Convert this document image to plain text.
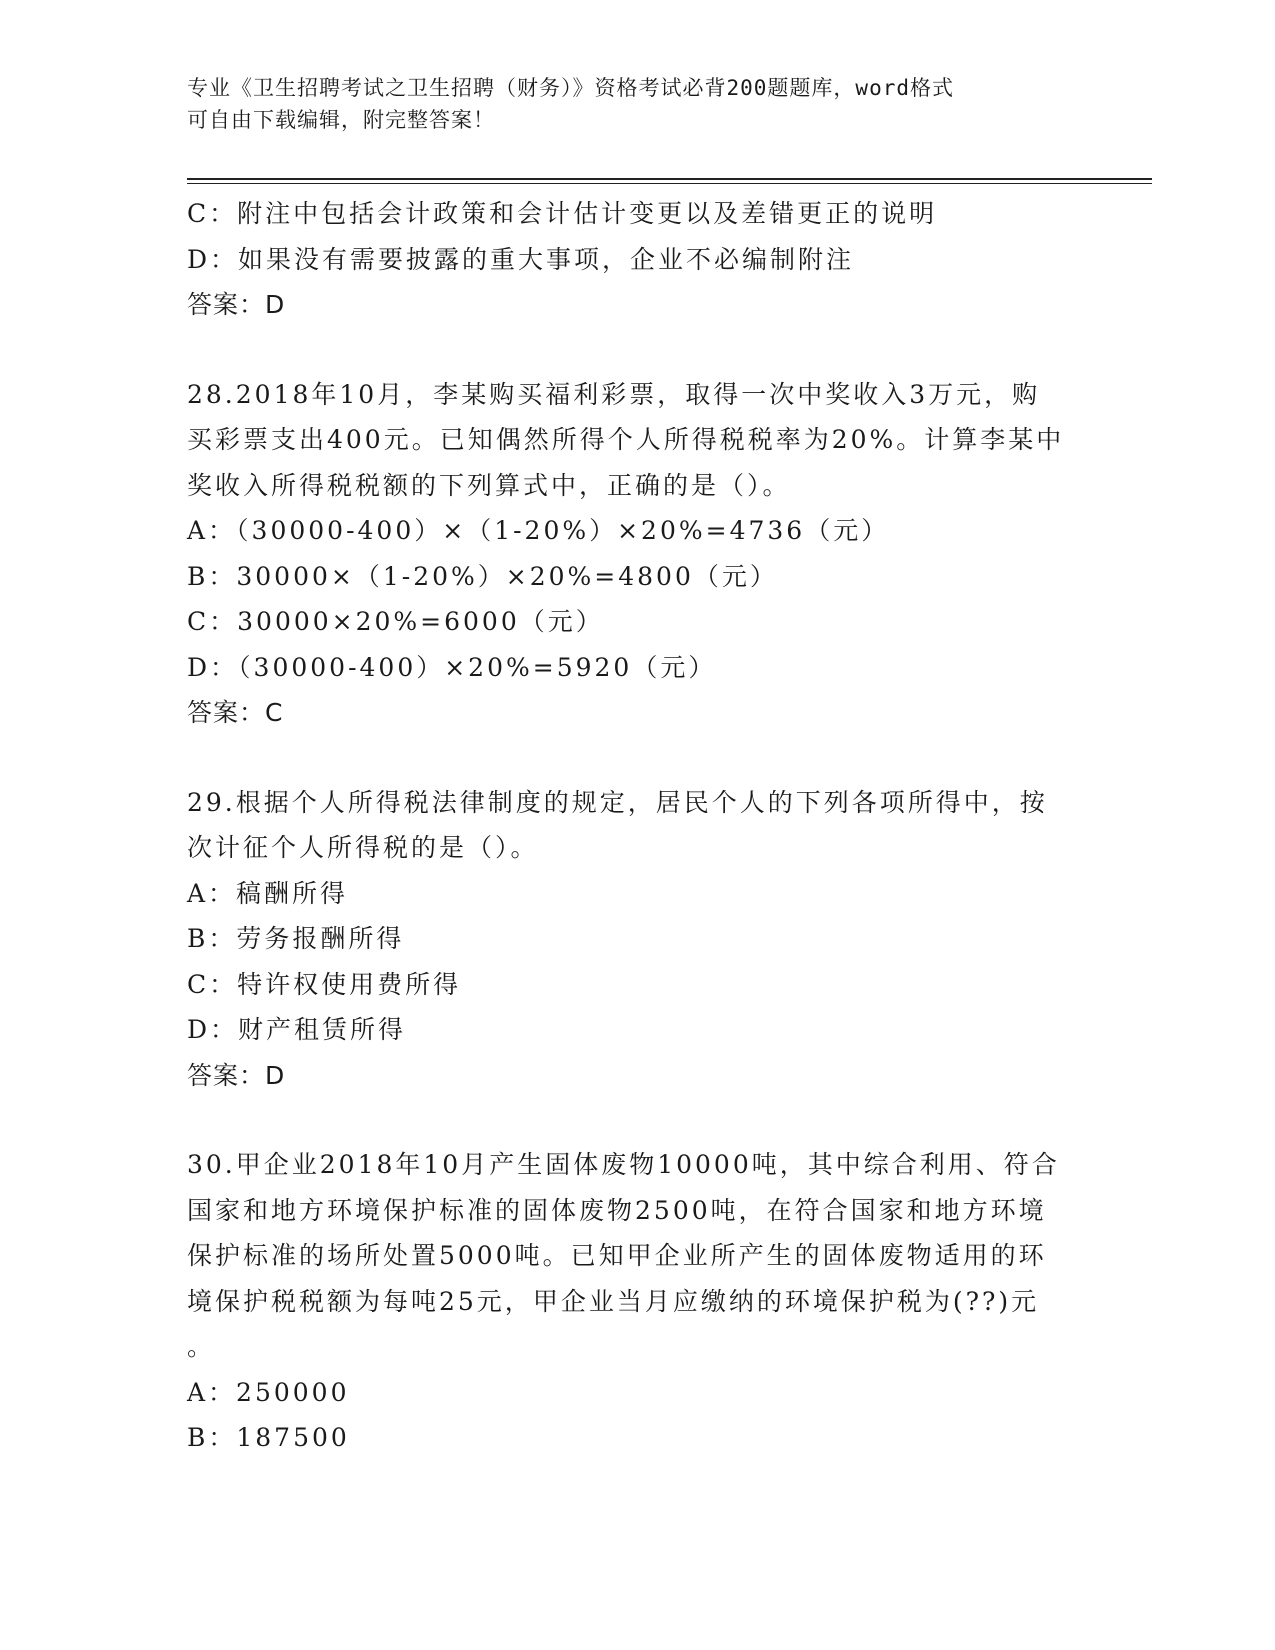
专业《卫生招聘考试之卫生招聘（财务）》资格考试必背200题题库，word格式
可自由下载编辑，附完整答案！
C：附注中包括会计政策和会计估计变更以及差错更正的说明
D：如果没有需要披露的重大事项，企业不必编制附注
答案：D
28.2018年10月，李某购买福利彩票，取得一次中奖收入3万元，购
买彩票支出400元。已知偶然所得个人所得税税率为20%。计算李某中
奖收入所得税税额的下列算式中，正确的是（）。
A：（30000-400）×（1-20%）×20%=4736（元）
B：30000×（1-20%）×20%=4800（元）
C：30000×20%=6000（元）
D：（30000-400）×20%=5920（元）
答案：C
29.根据个人所得税法律制度的规定，居民个人的下列各项所得中，按
次计征个人所得税的是（）。
A：稿酬所得
B：劳务报酬所得
C：特许权使用费所得
D：财产租赁所得
答案：D
30.甲企业2018年10月产生固体废物10000吨，其中综合利用、符合
国家和地方环境保护标准的固体废物2500吨，在符合国家和地方环境
保护标准的场所处置5000吨。已知甲企业所产生的固体废物适用的环
境保护税税额为每吨25元，甲企业当月应缴纳的环境保护税为(??)元
。
A：250000
B：187500
